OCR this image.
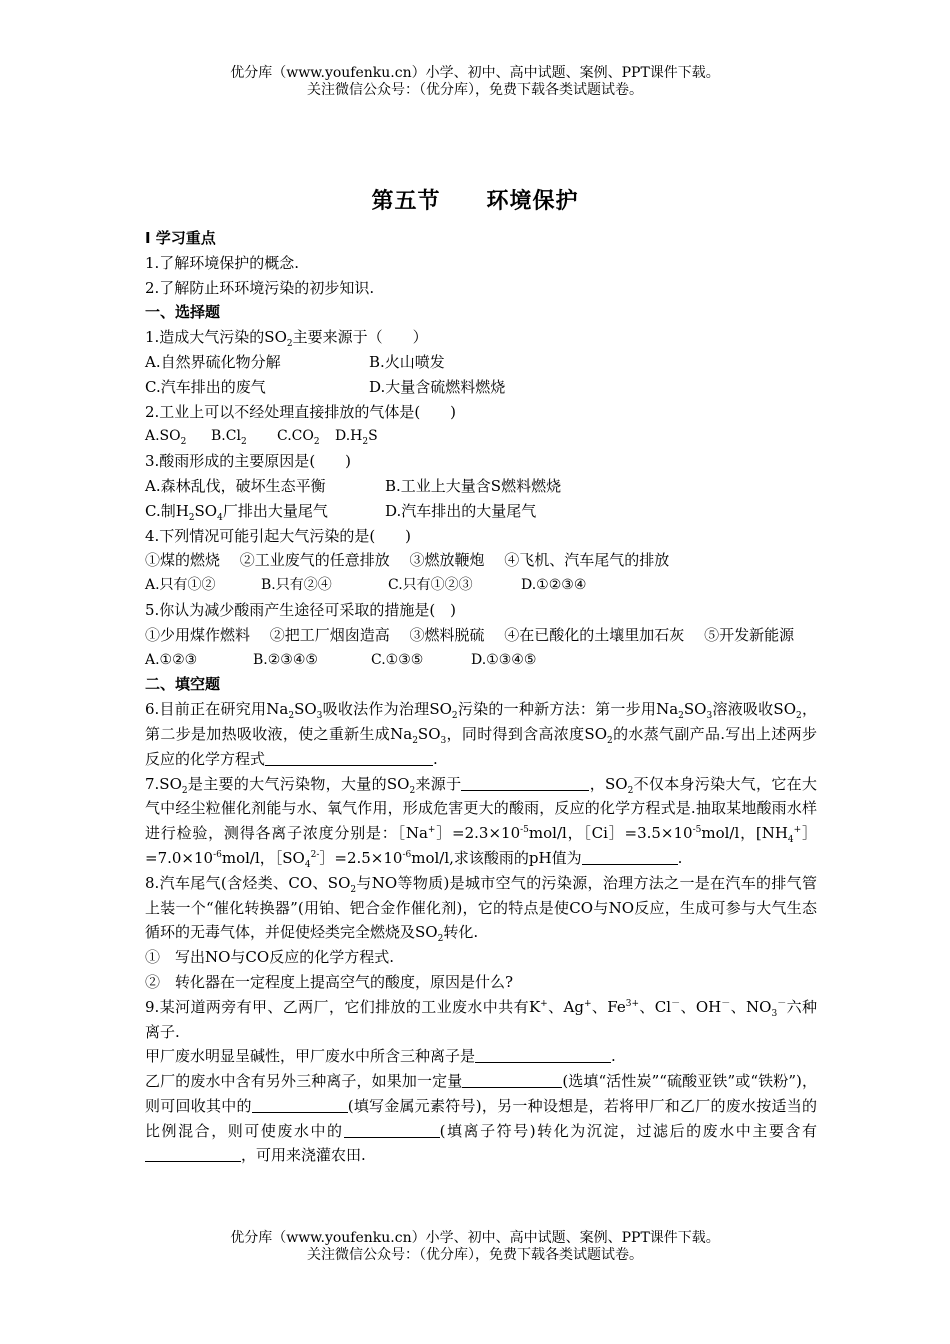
优分库（www.youfenku.cn）小学、初中、高中试题、案例、PPT课件下载。
关注微信公众号：（优分库），免费下载各类试题试卷。
第五节 环境保护

Ⅰ 学习重点

1.了解环境保护的概念.

2.了解防止环环境污染的初步知识.

一、选择题

1.造成大气污染的$SO_2$主要来源于（　　）

A.自然界硫化物分解	B.火山喷发

C.汽车排出的废气	D.大量含硫燃料燃烧

2.工业上可以不经处理直接排放的气体是(　　)

$A.SO_2$ $B.Cl_2$ $C.CO_2$ $D.H_2S$

3.酸雨形成的主要原因是(　　)

A.森林乱伐，破坏生态平衡	B.工业上大量含S燃料燃烧

C.制$H_2SO_4$厂排出大量尾气	D.汽车排出的大量尾气

4.下列情况可能引起大气污染的是(　　)

①煤的燃烧　 ②工业废气的任意排放　 ③燃放鞭炮　 ④飞机、汽车尾气的排放

A.只有①②	B.只有②④	C.只有①②③	D.①②③④

5.你认为减少酸雨产生途径可采取的措施是(　)

①少用煤作燃料　 ②把工厂烟囱造高　 ③燃料脱硫　 ④在已酸化的土壤里加石灰　 ⑤开发新能源

A.①②③	B.②③④⑤	C.①③⑤	D.①③④⑤

二、填空题

6.目前正在研究用$Na_2SO_3$吸收法作为治理$SO_2$污染的一种新方法：第一步用$Na_2SO_3$溶液吸收$SO_2$，第二步是加热吸收液，使之重新生成$Na_2SO_3$，同时得到含高浓度$SO_2$的水蒸气副产品.写出上述两步反应的化学方程式	.

$7.SO_2$是主要的大气污染物，大量的$SO_2$来源于	，$SO_2$不仅本身污染大气，它在大气中经尘粒催化剂能与水、氧气作用，形成危害更大的酸雨，反应的化学方程式是.抽取某地酸雨水样进行检验，测得各离子浓度分别是：$[Na^+]=2.3\times 10^{-5}mol/l$，$[Ci]=3.5\times 10^{-5}mol/l$，[$NH_4^+]=7.0\times 10^{-6}mol/l$，$[SO_4^{2-}]=2.5\times 10^{-6}mol/l$,求该酸雨的pH值为	.

8.汽车尾气(含烃类、CO、$SO_2$与NO等物质)是城市空气的污染源，治理方法之一是在汽车的排气管上装一个“催化转换器”(用铂、钯合金作催化剂)，它的特点是使CO与NO反应，生成可参与大气生态循环的无毒气体，并促使烃类完全燃烧及$SO_2$转化.

①　写出NO与CO反应的化学方程式.

②　转化器在一定程度上提高空气的酸度，原因是什么?

9.某河道两旁有甲、乙两厂，它们排放的工业废水中共有K+、Ag+、$Fe^{3+}$、Cl－、OH－、$NO_3^-$六种离子.

甲厂废水明显呈碱性，甲厂废水中所含三种离子是	.

乙厂的废水中含有另外三种离子，如果加一定量	(选填“活性炭”“硫酸亚铁”或“铁粉”)，则可回收其中的	(填写金属元素符号)，另一种设想是，若将甲厂和乙厂的废水按适当的比例混合，则可使废水中的	(填离子符号)转化为沉淀，过滤后的废水中主要含有，可用来浇灌农田.

优分库（www.youfenku.cn）小学、初中、高中试题、案例、PPT课件下载。
关注微信公众号：（优分库），免费下载各类试题试卷。
